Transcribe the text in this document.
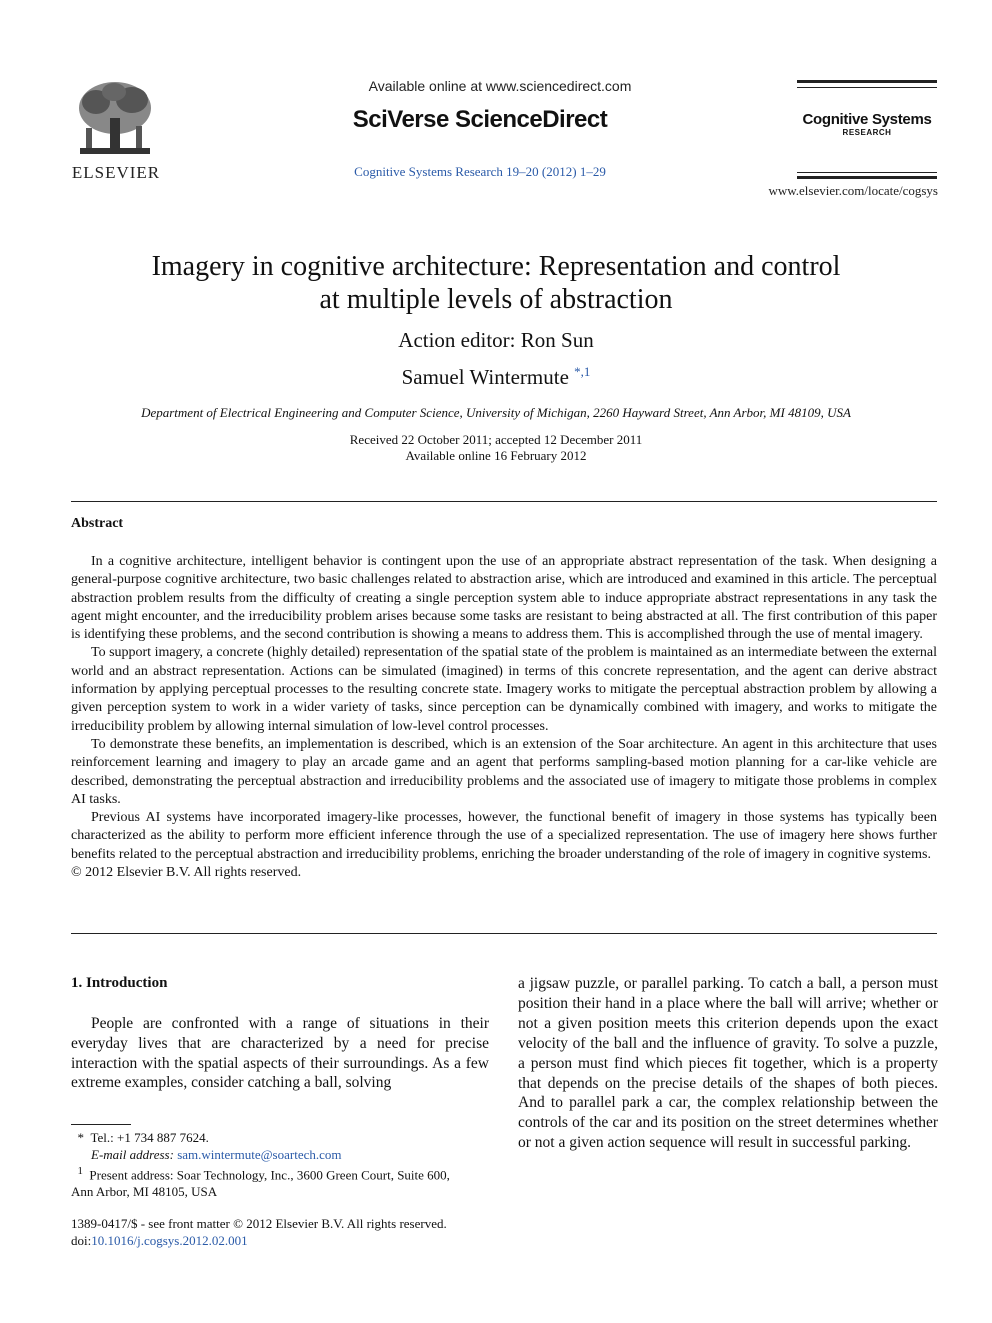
ELSEVIER
Available online at www.sciencedirect.com
SciVerse ScienceDirect
Cognitive Systems Research 19–20 (2012) 1–29
Cognitive Systems
RESEARCH
www.elsevier.com/locate/cogsys
Imagery in cognitive architecture: Representation and control
at multiple levels of abstraction
Action editor: Ron Sun
Samuel Wintermute $^{*,1}$
Department of Electrical Engineering and Computer Science, University of Michigan, 2260 Hayward Street, Ann Arbor, MI 48109, USA
Received 22 October 2011; accepted 12 December 2011
Available online 16 February 2012
Abstract

In a cognitive architecture, intelligent behavior is contingent upon the use of an appropriate abstract representation of the task. When designing a general-purpose cognitive architecture, two basic challenges related to abstraction arise, which are introduced and examined in this article. The perceptual abstraction problem results from the difficulty of creating a single perception system able to induce appropriate abstract representations in any task the agent might encounter, and the irreducibility problem arises because some tasks are resistant to being abstracted at all. The first contribution of this paper is identifying these problems, and the second contribution is showing a means to address them. This is accomplished through the use of mental imagery.

To support imagery, a concrete (highly detailed) representation of the spatial state of the problem is maintained as an intermediate between the external world and an abstract representation. Actions can be simulated (imagined) in terms of this concrete representation, and the agent can derive abstract information by applying perceptual processes to the resulting concrete state. Imagery works to mitigate the perceptual abstraction problem by allowing a given perception system to work in a wider variety of tasks, since perception can be dynamically combined with imagery, and works to mitigate the irreducibility problem by allowing internal simulation of low-level control processes.

To demonstrate these benefits, an implementation is described, which is an extension of the Soar architecture. An agent in this architecture that uses reinforcement learning and imagery to play an arcade game and an agent that performs sampling-based motion planning for a car-like vehicle are described, demonstrating the perceptual abstraction and irreducibility problems and the associated use of imagery to mitigate those problems in complex AI tasks.

Previous AI systems have incorporated imagery-like processes, however, the functional benefit of imagery in those systems has typically been characterized as the ability to perform more efficient inference through the use of a specialized representation. The use of imagery here shows further benefits related to the perceptual abstraction and irreducibility problems, enriching the broader understanding of the role of imagery in cognitive systems.

© 2012 Elsevier B.V. All rights reserved.

1. Introduction

People are confronted with a range of situations in their everyday lives that are characterized by a need for precise interaction with the spatial aspects of their surroundings. As a few extreme examples, consider catching a ball, solving

a jigsaw puzzle, or parallel parking. To catch a ball, a person must position their hand in a place where the ball will arrive; whether or not a given position meets this criterion depends upon the exact velocity of the ball and the influence of gravity. To solve a puzzle, a person must find which pieces fit together, which is a property that depends on the precise details of the shapes of both pieces. And to parallel park a car, the complex relationship between the controls of the car and its position on the street determines whether or not a given action sequence will result in successful parking.

* Tel.: +1 734 887 7624.
E-mail address: sam.wintermute@soartech.com
$^1$ Present address: Soar Technology, Inc., 3600 Green Court, Suite 600,
Ann Arbor, MI 48105, USA
1389-0417/$ - see front matter © 2012 Elsevier B.V. All rights reserved.
doi:10.1016/j.cogsys.2012.02.001
